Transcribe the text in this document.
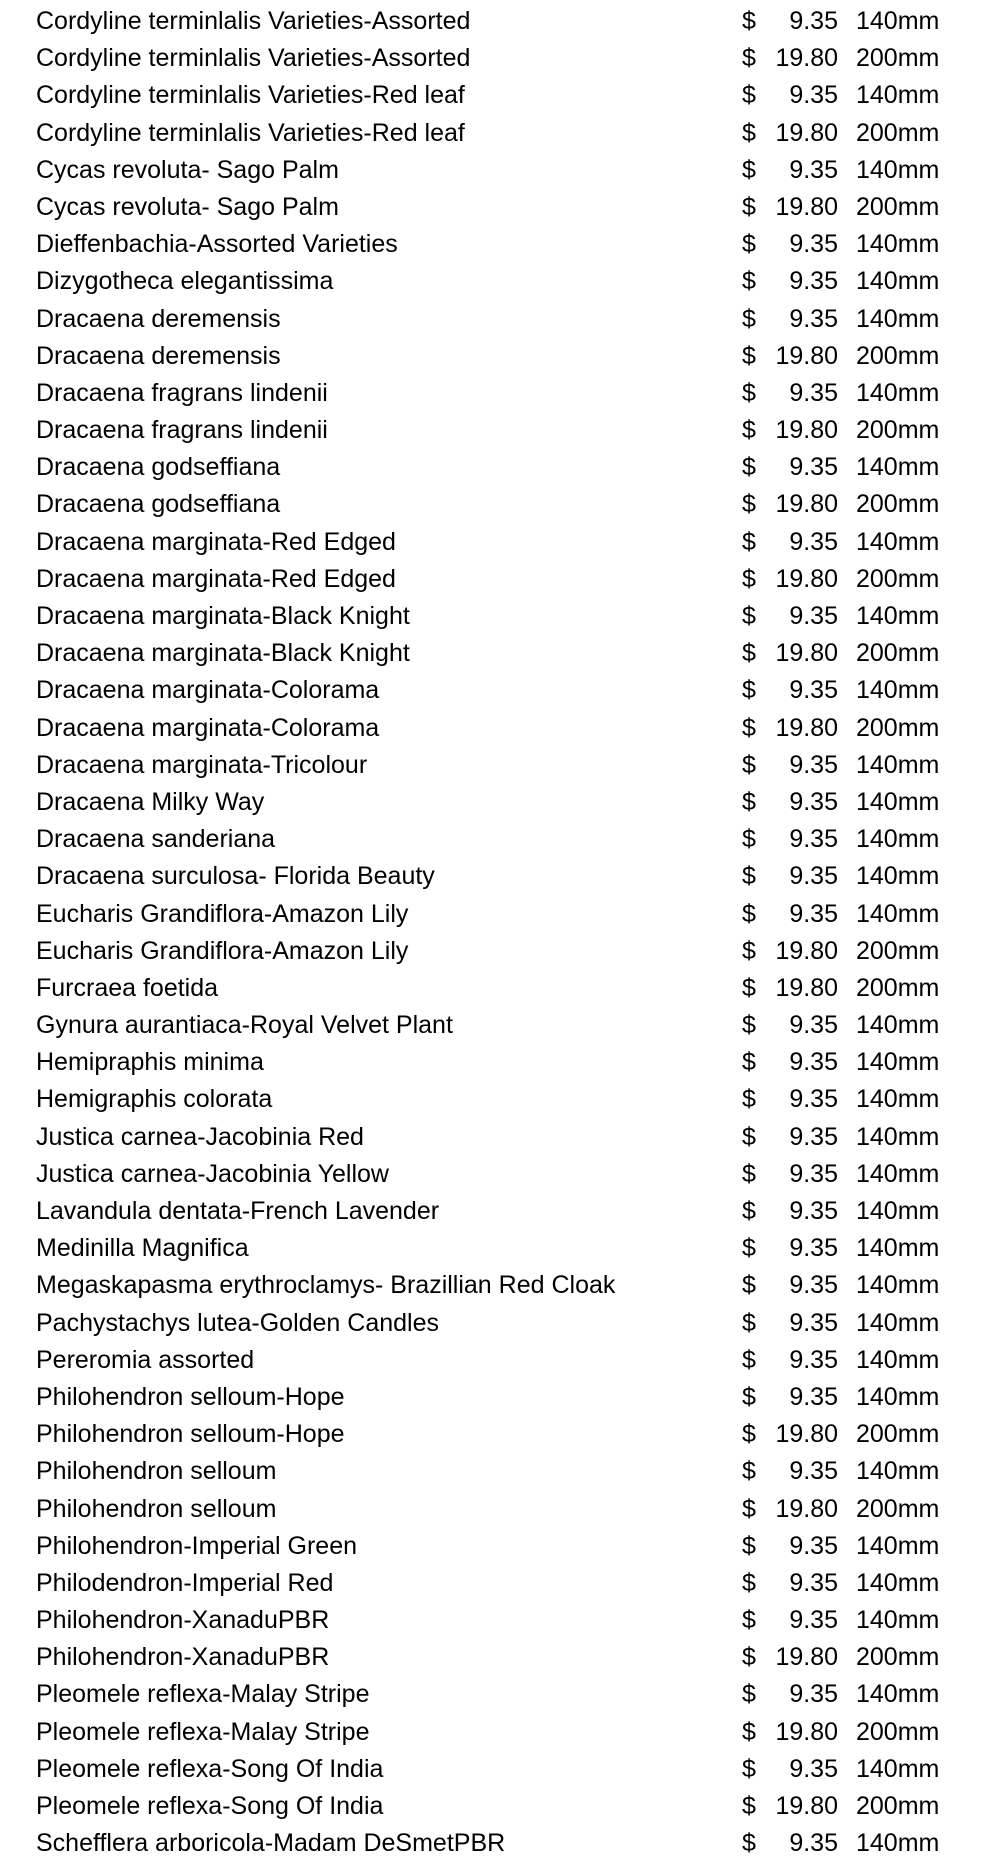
Cordyline terminlalis Varieties-Assorted	$ 9.35 140mm
Cordyline terminlalis Varieties-Assorted	$ 19.80 200mm
Cordyline terminlalis Varieties-Red leaf	$ 9.35 140mm
Cordyline terminlalis Varieties-Red leaf	$ 19.80 200mm
Cycas revoluta- Sago Palm	$ 9.35 140mm
Cycas revoluta- Sago Palm	$ 19.80 200mm
Dieffenbachia-Assorted Varieties	$ 9.35 140mm
Dizygotheca elegantissima	$ 9.35 140mm
Dracaena deremensis	$ 9.35 140mm
Dracaena deremensis	$ 19.80 200mm
Dracaena fragrans lindenii	$ 9.35 140mm
Dracaena fragrans lindenii	$ 19.80 200mm
Dracaena godseffiana	$ 9.35 140mm
Dracaena godseffiana	$ 19.80 200mm
Dracaena marginata-Red Edged	$ 9.35 140mm
Dracaena marginata-Red Edged	$ 19.80 200mm
Dracaena marginata-Black Knight	$ 9.35 140mm
Dracaena marginata-Black Knight	$ 19.80 200mm
Dracaena marginata-Colorama	$ 9.35 140mm
Dracaena marginata-Colorama	$ 19.80 200mm
Dracaena marginata-Tricolour	$ 9.35 140mm
Dracaena Milky Way	$ 9.35 140mm
Dracaena sanderiana	$ 9.35 140mm
Dracaena surculosa- Florida Beauty	$ 9.35 140mm
Eucharis Grandiflora-Amazon Lily	$ 9.35 140mm
Eucharis Grandiflora-Amazon Lily	$ 19.80 200mm
Furcraea foetida	$ 19.80 200mm
Gynura aurantiaca-Royal Velvet Plant	$ 9.35 140mm
Hemipraphis minima	$ 9.35 140mm
Hemigraphis colorata	$ 9.35 140mm
Justica carnea-Jacobinia Red	$ 9.35 140mm
Justica carnea-Jacobinia Yellow	$ 9.35 140mm
Lavandula dentata-French Lavender	$ 9.35 140mm
Medinilla Magnifica	$ 9.35 140mm
Megaskapasma erythroclamys- Brazillian Red Cloak	$ 9.35 140mm
Pachystachys lutea-Golden Candles	$ 9.35 140mm
Pereromia assorted	$ 9.35 140mm
Philohendron selloum-Hope	$ 9.35 140mm
Philohendron selloum-Hope	$ 19.80 200mm
Philohendron selloum	$ 9.35 140mm
Philohendron selloum	$ 19.80 200mm
Philohendron-Imperial Green	$ 9.35 140mm
Philodendron-Imperial Red	$ 9.35 140mm
Philohendron-XanaduPBR	$ 9.35 140mm
Philohendron-XanaduPBR	$ 19.80 200mm
Pleomele reflexa-Malay Stripe	$ 9.35 140mm
Pleomele reflexa-Malay Stripe	$ 19.80 200mm
Pleomele reflexa-Song Of India	$ 9.35 140mm
Pleomele reflexa-Song Of India	$ 19.80 200mm
Schefflera arboricola-Madam DeSmetPBR	$ 9.35 140mm
